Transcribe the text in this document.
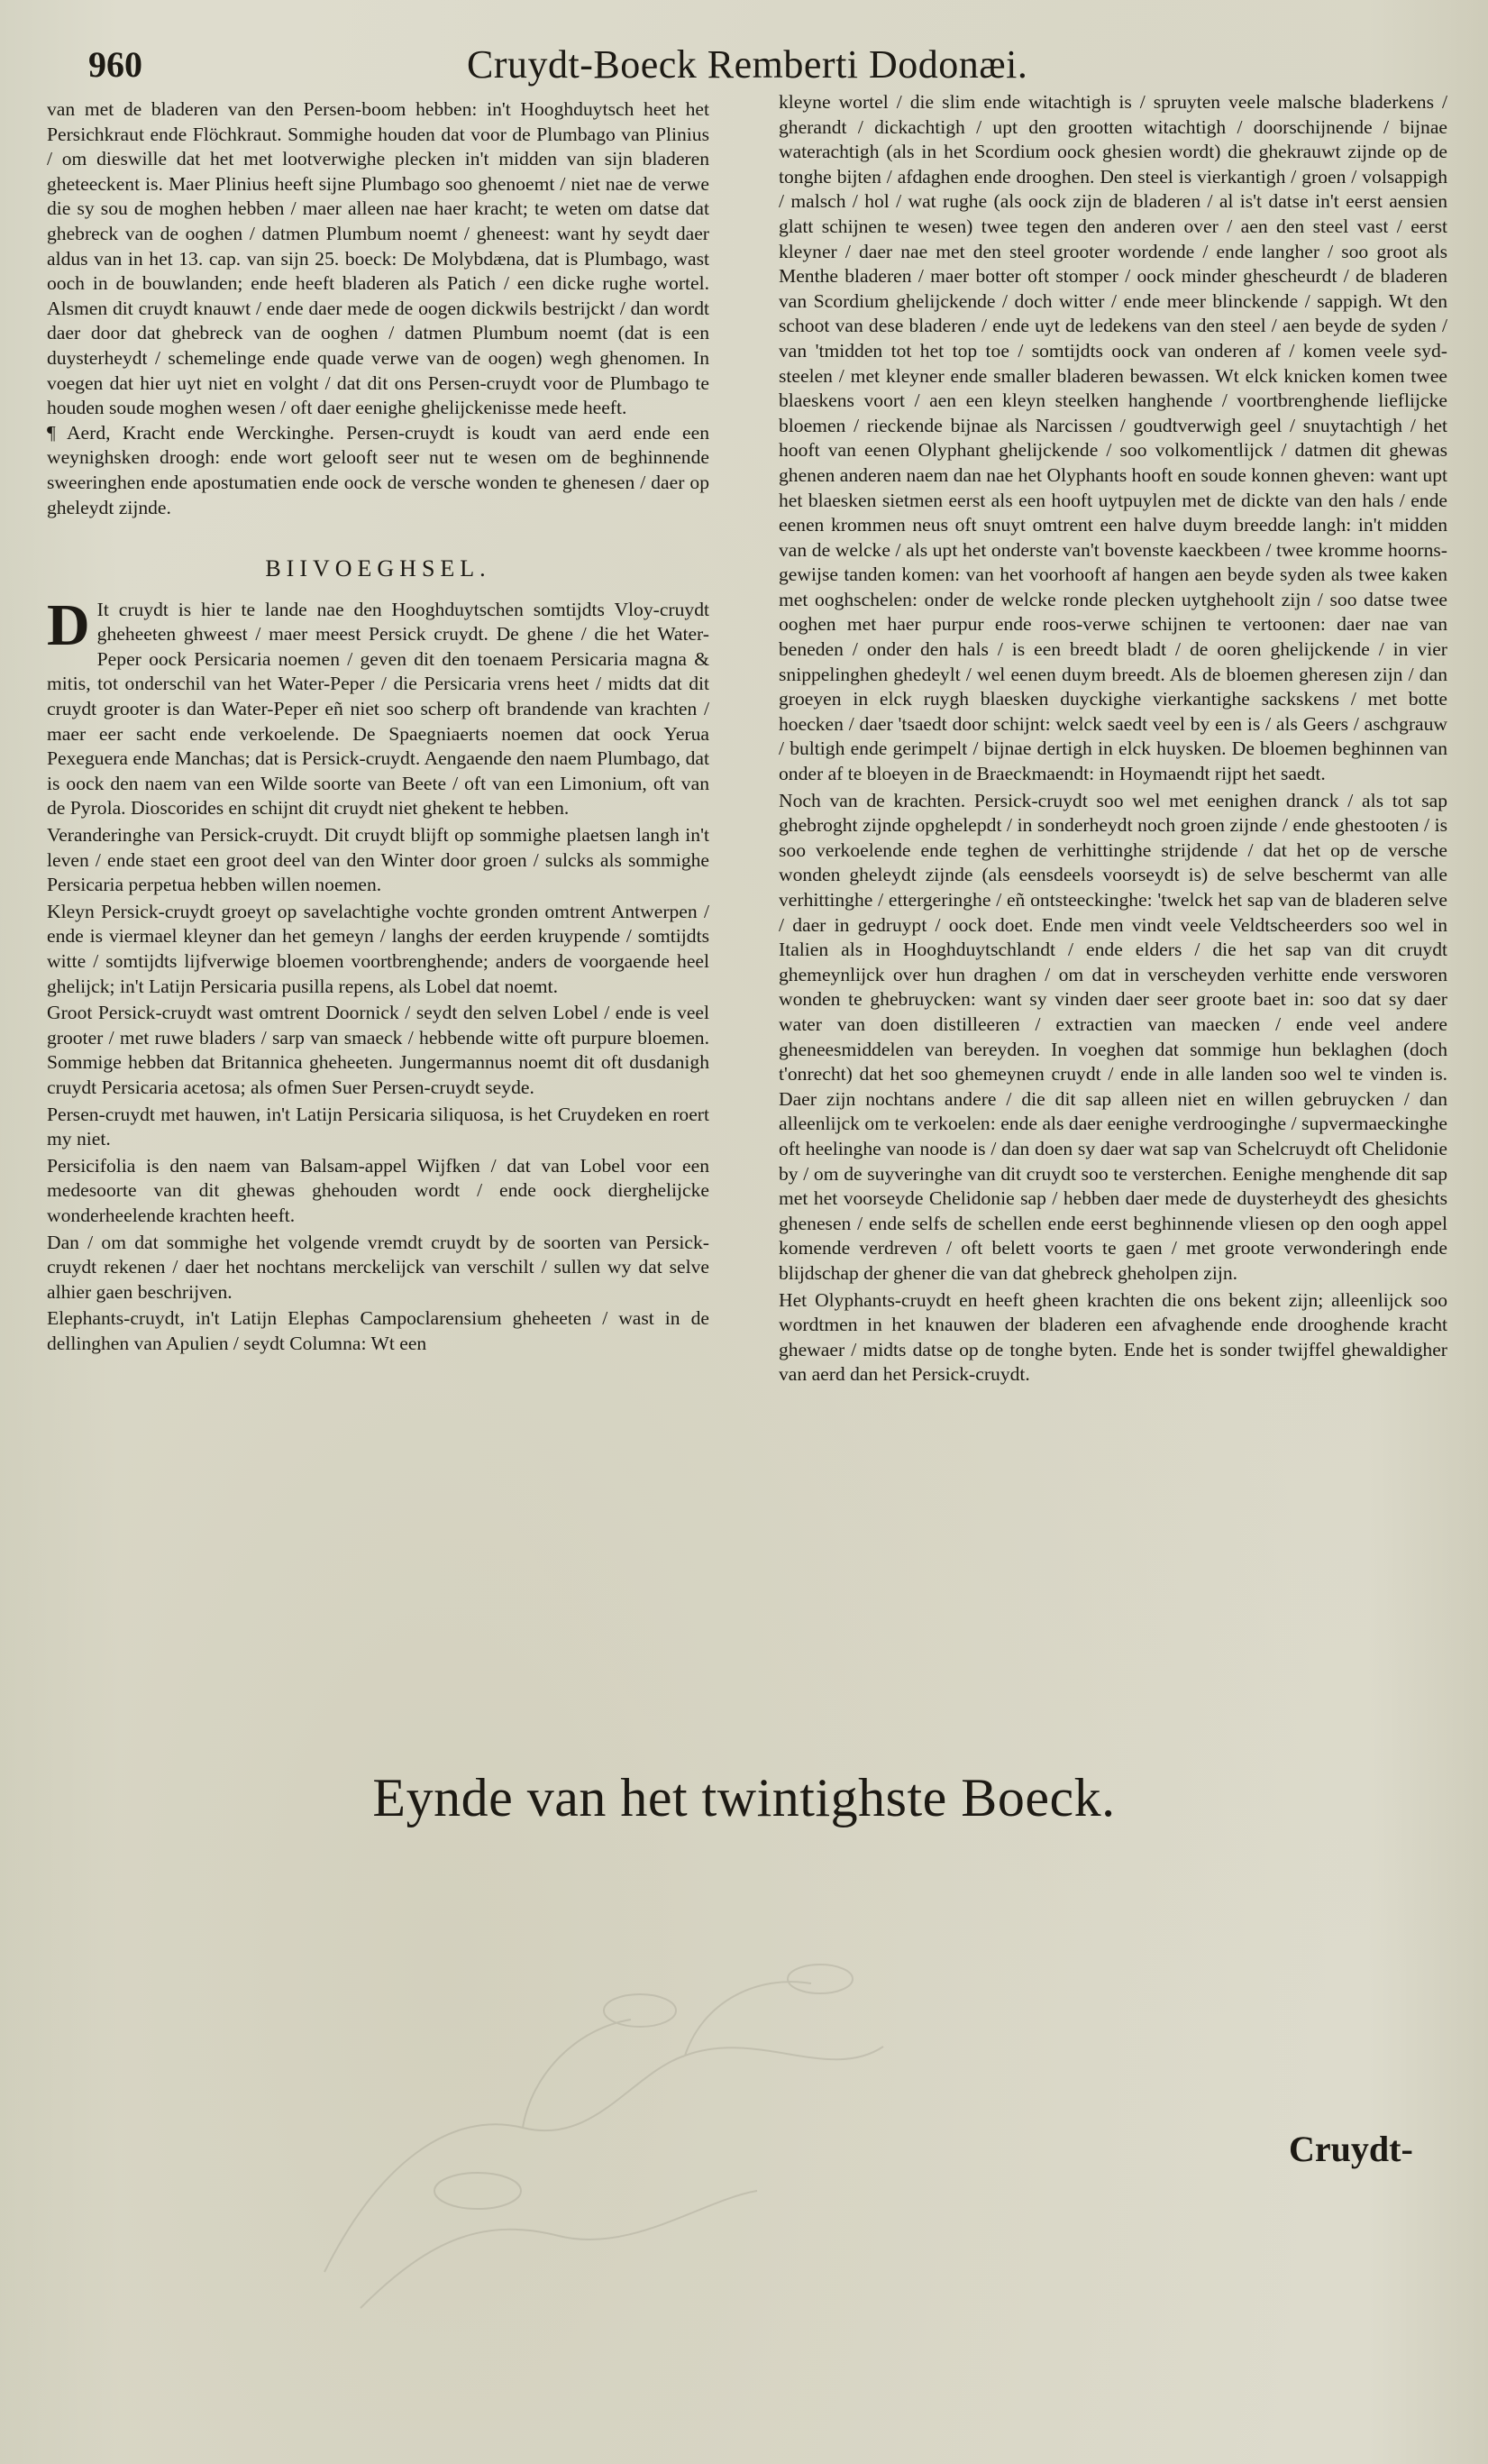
960	Cruydt-Boeck Remberti Dodonæi.

van met de bladeren van den Persen-boom hebben: in't Hooghduytsch heet het Persichkraut ende Flöchkraut. Sommighe houden dat voor de Plumbago van Plinius / om dieswille dat het met lootverwighe plecken in't midden van sijn bladeren gheteeckent is. Maer Plinius heeft sijne Plumbago soo ghenoemt / niet nae de verwe die sy sou de moghen hebben / maer alleen nae haer kracht; te weten om datse dat ghebreck van de ooghen / datmen Plumbum noemt / gheneest: want hy seydt daer aldus van in het 13. cap. van sijn 25. boeck: De Molybdæna, dat is Plumbago, wast ooch in de bouwlanden; ende heeft bladeren als Patich / een dicke rughe wortel. Alsmen dit cruydt knauwt / ende daer mede de oogen dickwils bestrijckt / dan wordt daer door dat ghebreck van de ooghen / datmen Plumbum noemt (dat is een duysterheydt / schemelinge ende quade verwe van de oogen) wegh ghenomen. In voegen dat hier uyt niet en volght / dat dit ons Persen-cruydt voor de Plumbago te houden soude moghen wesen / oft daer eenighe ghelijckenisse mede heeft.

¶ Aerd, Kracht ende Werckinghe. Persen-cruydt is koudt van aerd ende een weynighsken droogh: ende wort gelooft seer nut te wesen om de beghinnende sweeringhen ende apostumatien ende oock de versche wonden te ghenesen / daer op gheleydt zijnde.

BIIVOEGHSEL.

D It cruydt is hier te lande nae den Hooghduytschen somtijdts Vloy-cruydt gheheeten ghweest / maer meest Persick cruydt. De ghene / die het Water-Peper oock Persicaria noemen / geven dit den toenaem Persicaria magna & mitis, tot onderschil van het Water-Peper / die Persicaria vrens heet / midts dat dit cruydt grooter is dan Water-Peper eñ niet soo scherp oft brandende van krachten / maer eer sacht ende verkoelende. De Spaegniaerts noemen dat oock Yerua Pexeguera ende Manchas; dat is Persick-cruydt. Aengaende den naem Plumbago, dat is oock den naem van een Wilde soorte van Beete / oft van een Limonium, oft van de Pyrola. Dioscorides en schijnt dit cruydt niet ghekent te hebben.

Veranderinghe van Persick-cruydt. Dit cruydt blijft op sommighe plaetsen langh in't leven / ende staet een groot deel van den Winter door groen / sulcks als sommighe Persicaria perpetua hebben willen noemen.

Kleyn Persick-cruydt groeyt op savelachtighe vochte gronden omtrent Antwerpen / ende is viermael kleyner dan het gemeyn / langhs der eerden kruypende / somtijdts witte / somtijdts lijfverwige bloemen voortbrenghende; anders de voorgaende heel ghelijck; in't Latijn Persicaria pusilla repens, als Lobel dat noemt.

Groot Persick-cruydt wast omtrent Doornick / seydt den selven Lobel / ende is veel grooter / met ruwe bladers / sarp van smaeck / hebbende witte oft purpure bloemen. Sommige hebben dat Britannica gheheeten. Jungermannus noemt dit oft dusdanigh cruydt Persicaria acetosa; als ofmen Suer Persen-cruydt seyde.

Persen-cruydt met hauwen, in't Latijn Persicaria siliquosa, is het Cruydeken en roert my niet.

Persicifolia is den naem van Balsam-appel Wijfken / dat van Lobel voor een medesoorte van dit ghewas ghehouden wordt / ende oock dierghelijcke wonderheelende krachten heeft.

Dan / om dat sommighe het volgende vremdt cruydt by de soorten van Persick-cruydt rekenen / daer het nochtans merckelijck van verschilt / sullen wy dat selve alhier gaen beschrijven.

Elephants-cruydt, in't Latijn Elephas Campoclarensium gheheeten / wast in de dellinghen van Apulien / seydt Columna: Wt een

kleyne wortel / die slim ende witachtigh is / spruyten veele malsche bladerkens / gherandt / dickachtigh / upt den grootten witachtigh / doorschijnende / bijnae waterachtigh (als in het Scordium oock ghesien wordt) die ghekrauwt zijnde op de tonghe bijten / afdaghen ende drooghen. Den steel is vierkantigh / groen / volsappigh / malsch / hol / wat rughe (als oock zijn de bladeren / al is't datse in't eerst aensien glatt schijnen te wesen) twee tegen den anderen over / aen den steel vast / eerst kleyner / daer nae met den steel grooter wordende / ende langher / soo groot als Menthe bladeren / maer botter oft stomper / oock minder ghescheurdt / de bladeren van Scordium ghelijckende / doch witter / ende meer blinckende / sappigh. Wt den schoot van dese bladeren / ende uyt de ledekens van den steel / aen beyde de syden / van 'tmidden tot het top toe / somtijdts oock van onderen af / komen veele syd-steelen / met kleyner ende smaller bladeren bewassen. Wt elck knicken komen twee blaeskens voort / aen een kleyn steelken hanghende / voortbrenghende lieflijcke bloemen / rieckende bijnae als Narcissen / goudtverwigh geel / snuytachtigh / het hooft van eenen Olyphant ghelijckende / soo volkomentlijck / datmen dit ghewas ghenen anderen naem dan nae het Olyphants hooft en soude konnen gheven: want upt het blaesken sietmen eerst als een hooft uytpuylen met de dickte van den hals / ende eenen krommen neus oft snuyt omtrent een halve duym breedde langh: in't midden van de welcke / als upt het onderste van't bovenste kaeckbeen / twee kromme hoorns-gewijse tanden komen: van het voorhooft af hangen aen beyde syden als twee kaken met ooghschelen: onder de welcke ronde plecken uytghehoolt zijn / soo datse twee ooghen met haer purpur ende roos-verwe schijnen te vertoonen: daer nae van beneden / onder den hals / is een breedt bladt / de ooren ghelijckende / in vier snippelinghen ghedeylt / wel eenen duym breedt. Als de bloemen gheresen zijn / dan groeyen in elck ruygh blaesken duyckighe vierkantighe sackskens / met botte hoecken / daer 'tsaedt door schijnt: welck saedt veel by een is / als Geers / aschgrauw / bultigh ende gerimpelt / bijnae dertigh in elck huysken. De bloemen beghinnen van onder af te bloeyen in de Braeckmaendt: in Hoymaendt rijpt het saedt.

Noch van de krachten. Persick-cruydt soo wel met eenighen dranck / als tot sap ghebroght zijnde opghelepdt / in sonderheydt noch groen zijnde / ende ghestooten / is soo verkoelende ende teghen de verhittinghe strijdende / dat het op de versche wonden gheleydt zijnde (als eensdeels voorseydt is) de selve beschermt van alle verhittinghe / ettergeringhe / eñ ontsteeckinghe: 'twelck het sap van de bladeren selve / daer in gedruypt / oock doet. Ende men vindt veele Veldtscheerders soo wel in Italien als in Hooghduytschlandt / ende elders / die het sap van dit cruydt ghemeynlijck over hun draghen / om dat in verscheyden verhitte ende versworen wonden te ghebruycken: want sy vinden daer seer groote baet in: soo dat sy daer water van doen distilleeren / extractien van maecken / ende veel andere gheneesmiddelen van bereyden. In voeghen dat sommige hun beklaghen (doch t'onrecht) dat het soo ghemeynen cruydt / ende in alle landen soo wel te vinden is. Daer zijn nochtans andere / die dit sap alleen niet en willen gebruycken / dan alleenlijck om te verkoelen: ende als daer eenighe verdrooginghe / supvermaeckinghe oft heelinghe van noode is / dan doen sy daer wat sap van Schelcruydt oft Chelidonie by / om de suyveringhe van dit cruydt soo te versterchen. Eenighe menghende dit sap met het voorseyde Chelidonie sap / hebben daer mede de duysterheydt des ghesichts ghenesen / ende selfs de schellen ende eerst beghinnende vliesen op den oogh appel komende verdreven / oft belett voorts te gaen / met groote verwonderingh ende blijdschap der ghener die van dat ghebreck gheholpen zijn.

Het Olyphants-cruydt en heeft gheen krachten die ons bekent zijn; alleenlijck soo wordtmen in het knauwen der bladeren een afvaghende ende drooghende kracht ghewaer / midts datse op de tonghe byten. Ende het is sonder twijffel ghewaldigher van aerd dan het Persick-cruydt.

Eynde van het twintighste Boeck.
Cruydt-
